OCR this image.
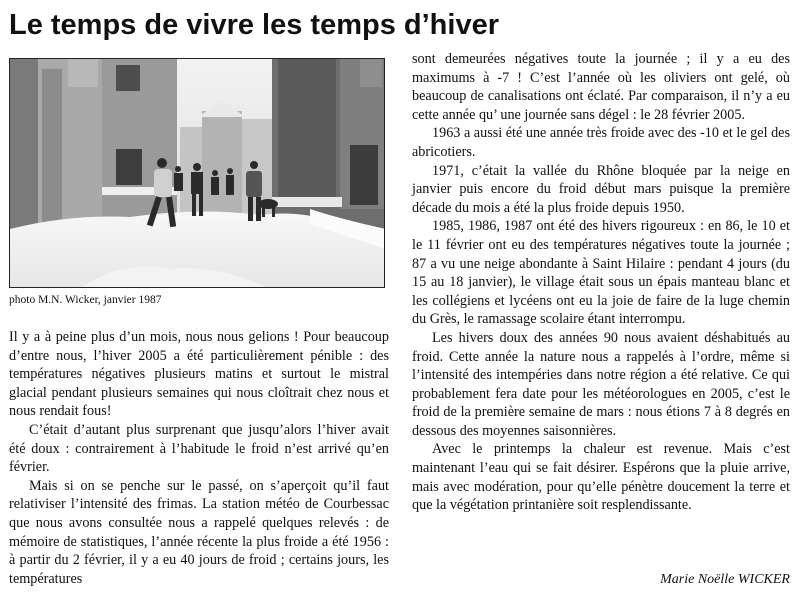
Le temps de vivre les temps d’hiver
photo M.N. Wicker, janvier 1987

Il y a à peine plus d’un mois, nous nous gelions ! Pour beaucoup d’entre nous, l’hiver 2005 a été particulièrement pénible : des températures négatives plusieurs matins et surtout le mistral glacial pendant plusieurs semaines qui nous cloîtrait chez nous et nous rendait fous!

C’était d’autant plus surprenant que jusqu’alors l’hiver avait été doux : contrairement à l’habitude le froid n’est arrivé qu’en février.

Mais si on se penche sur le passé, on s’aperçoit qu’il faut relativiser l’intensité des frimas. La station météo de Courbessac que nous avons consultée nous a rappelé quelques relevés : de mémoire de statistiques, l’année récente la plus froide a été 1956 : à partir du 2 février, il y a eu 40 jours de froid ; certains jours, les températures

sont demeurées négatives toute la journée ; il y a eu des maximums à -7 ! C’est l’année où les oliviers ont gelé, où beaucoup de canalisations ont éclaté. Par comparaison, il n’y a eu cette année qu’ une journée sans dégel : le 28 février 2005.

1963 a aussi été une année très froide avec des -10 et le gel des abricotiers.

1971, c’était la vallée du Rhône bloquée par la neige en janvier puis encore du froid début mars puisque la première décade du mois a été la plus froide depuis 1950.

1985, 1986, 1987 ont été des hivers rigoureux : en 86, le 10 et le 11 février ont eu des températures négatives toute la journée ; 87 a vu une neige abondante à Saint Hilaire : pendant 4 jours (du 15 au 18 janvier), le village était sous un épais manteau blanc et les collégiens et lycéens ont eu la joie de faire de la luge chemin du Grès, le ramassage scolaire étant interrompu.

Les hivers doux des années 90 nous avaient déshabitués au froid. Cette année la nature nous a rappelés à l’ordre, même si l’intensité des intempéries dans notre région a été relative. Ce qui probablement fera date pour les météorologues en 2005, c’est le froid de la première semaine de mars : nous étions 7 à 8 degrés en dessous des moyennes saisonnières.

Avec le printemps la chaleur est revenue. Mais c’est maintenant l’eau qui se fait désirer. Espérons que la pluie arrive, mais avec modération, pour qu’elle pénètre doucement la terre et que la végétation printanière soit resplendissante.

Marie Noëlle WICKER
